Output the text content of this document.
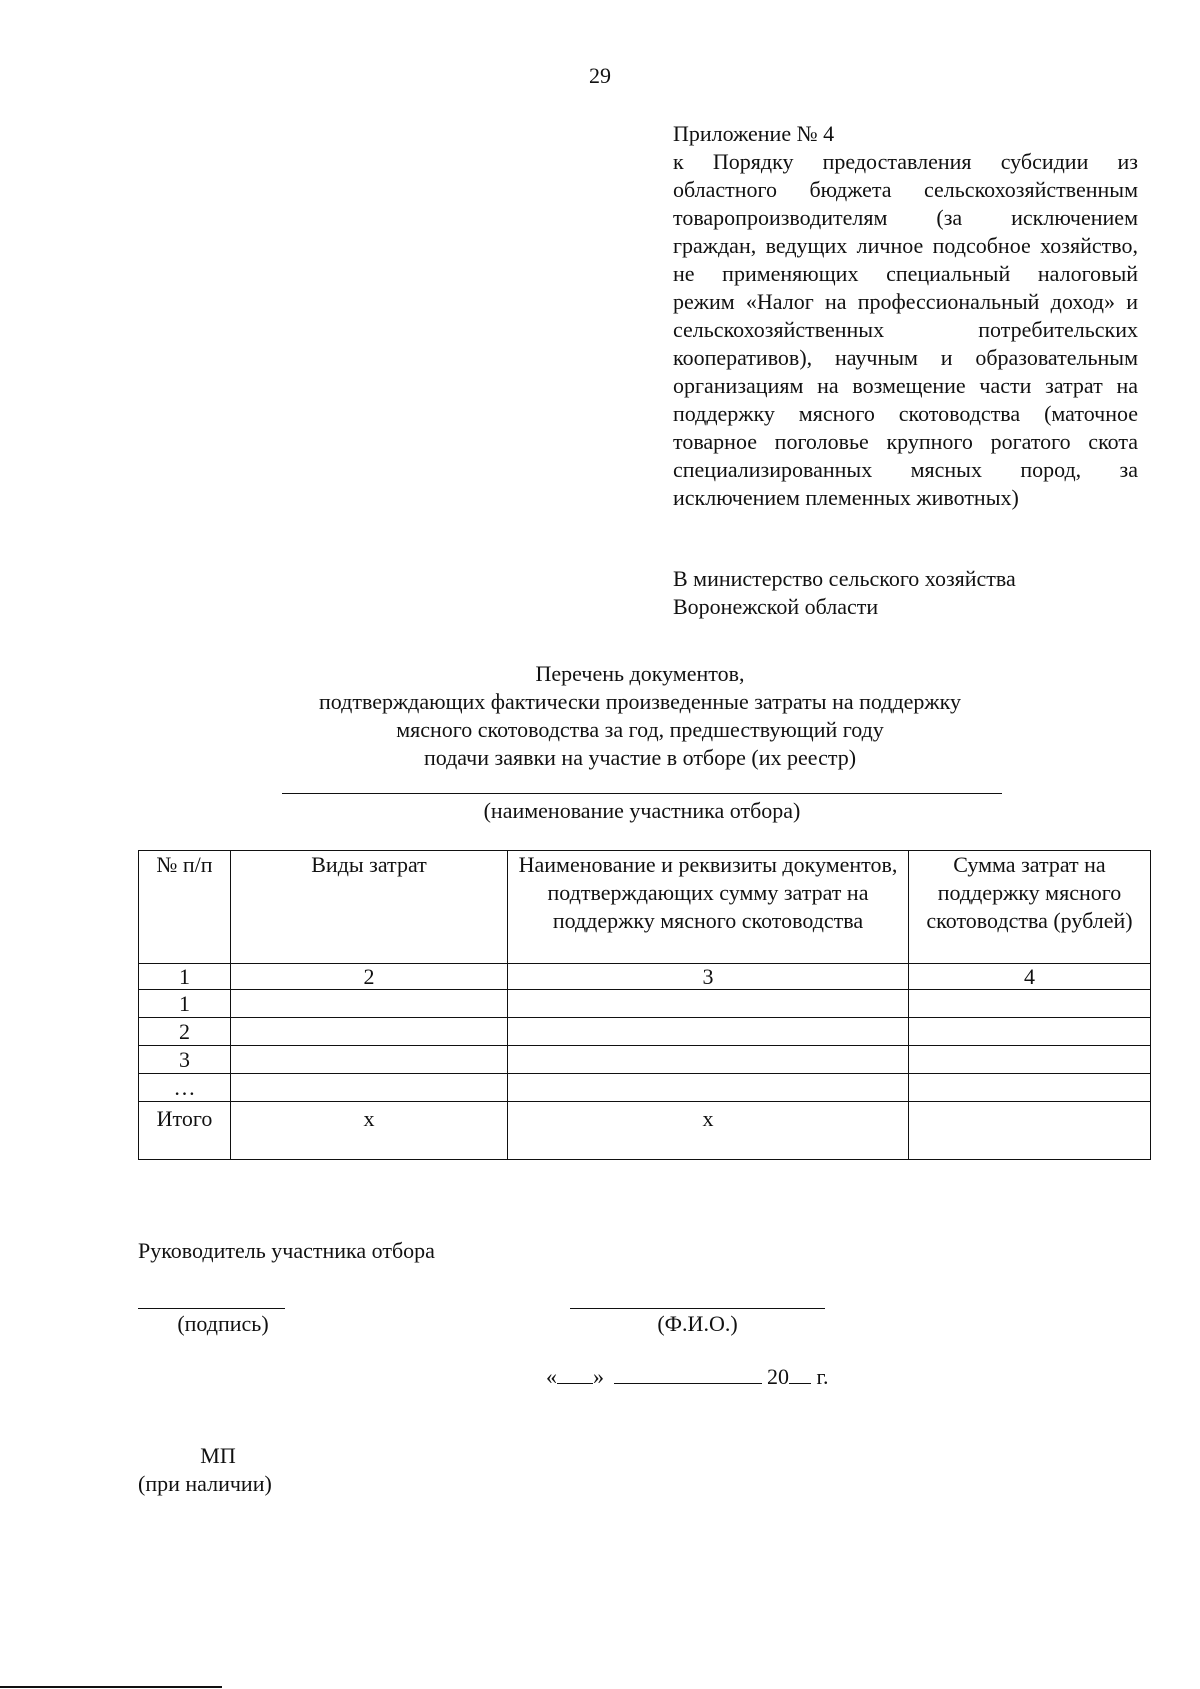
29
Приложение № 4
к Порядку предоставления субсидии из областного бюджета сельскохозяйственным товаропроизводителям (за исключением граждан, ведущих личное подсобное хозяйство, не применяющих специальный налоговый режим «Налог на профессиональный доход» и сельскохозяйственных потребительских кооперативов), научным и образовательным организациям на возмещение части затрат на поддержку мясного скотоводства (маточное товарное поголовье крупного рогатого скота специализированных мясных пород, за исключением племенных животных)
В министерство сельского хозяйства
Воронежской области
Перечень документов,
подтверждающих фактически произведенные затраты на поддержку
мясного скотоводства за год, предшествующий году
подачи заявки на участие в отборе (их реестр)
(наименование участника отбора)
№ п/п	Виды затрат	Наименование и реквизиты документов, подтверждающих сумму затрат на поддержку мясного скотоводства	Сумма затрат на поддержку мясного скотоводства (рублей)
1	2	3	4
1			
2			
3			
…			
Итого	x	x	
Руководитель участника отбора
(подпись)	(Ф.И.О.)
« »	20 г.
МП
(при наличии)
